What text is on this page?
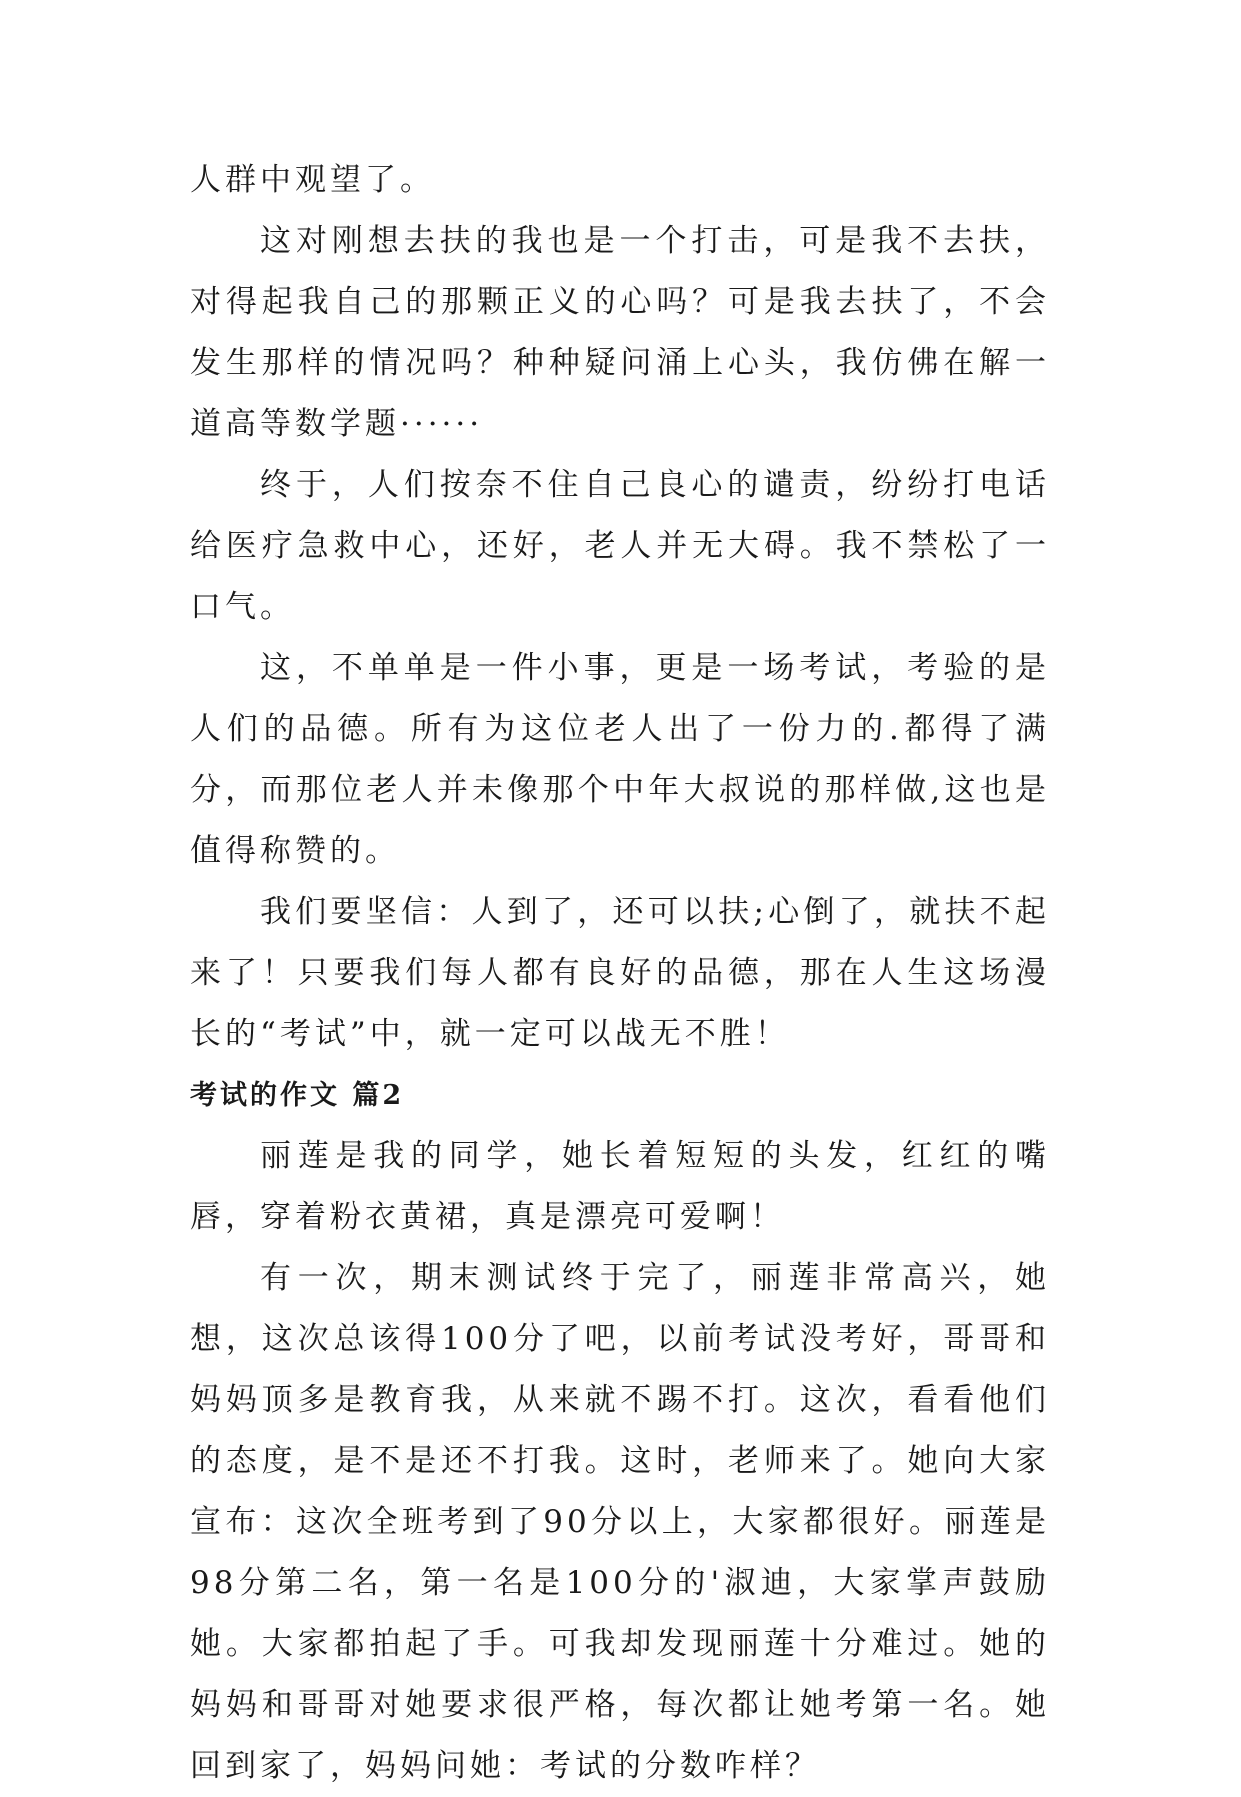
人群中观望了。

这对刚想去扶的我也是一个打击，可是我不去扶，对得起我自己的那颗正义的心吗？可是我去扶了，不会发生那样的情况吗？种种疑问涌上心头，我仿佛在解一道高等数学题······

终于，人们按奈不住自己良心的谴责，纷纷打电话给医疗急救中心，还好，老人并无大碍。我不禁松了一口气。

这，不单单是一件小事，更是一场考试，考验的是人们的品德。所有为这位老人出了一份力的.都得了满分，而那位老人并未像那个中年大叔说的那样做,这也是值得称赞的。

我们要坚信：人到了，还可以扶;心倒了，就扶不起来了！只要我们每人都有良好的品德，那在人生这场漫长的“考试”中，就一定可以战无不胜！

考试的作文 篇2

丽莲是我的同学，她长着短短的头发，红红的嘴唇，穿着粉衣黄裙，真是漂亮可爱啊！

有一次，期末测试终于完了，丽莲非常高兴，她想，这次总该得100分了吧，以前考试没考好，哥哥和妈妈顶多是教育我，从来就不踢不打。这次，看看他们的态度，是不是还不打我。这时，老师来了。她向大家宣布：这次全班考到了90分以上，大家都很好。丽莲是98分第二名，第一名是100分的'淑迪，大家掌声鼓励她。大家都拍起了手。可我却发现丽莲十分难过。她的妈妈和哥哥对她要求很严格，每次都让她考第一名。她回到家了，妈妈问她：考试的分数咋样？
